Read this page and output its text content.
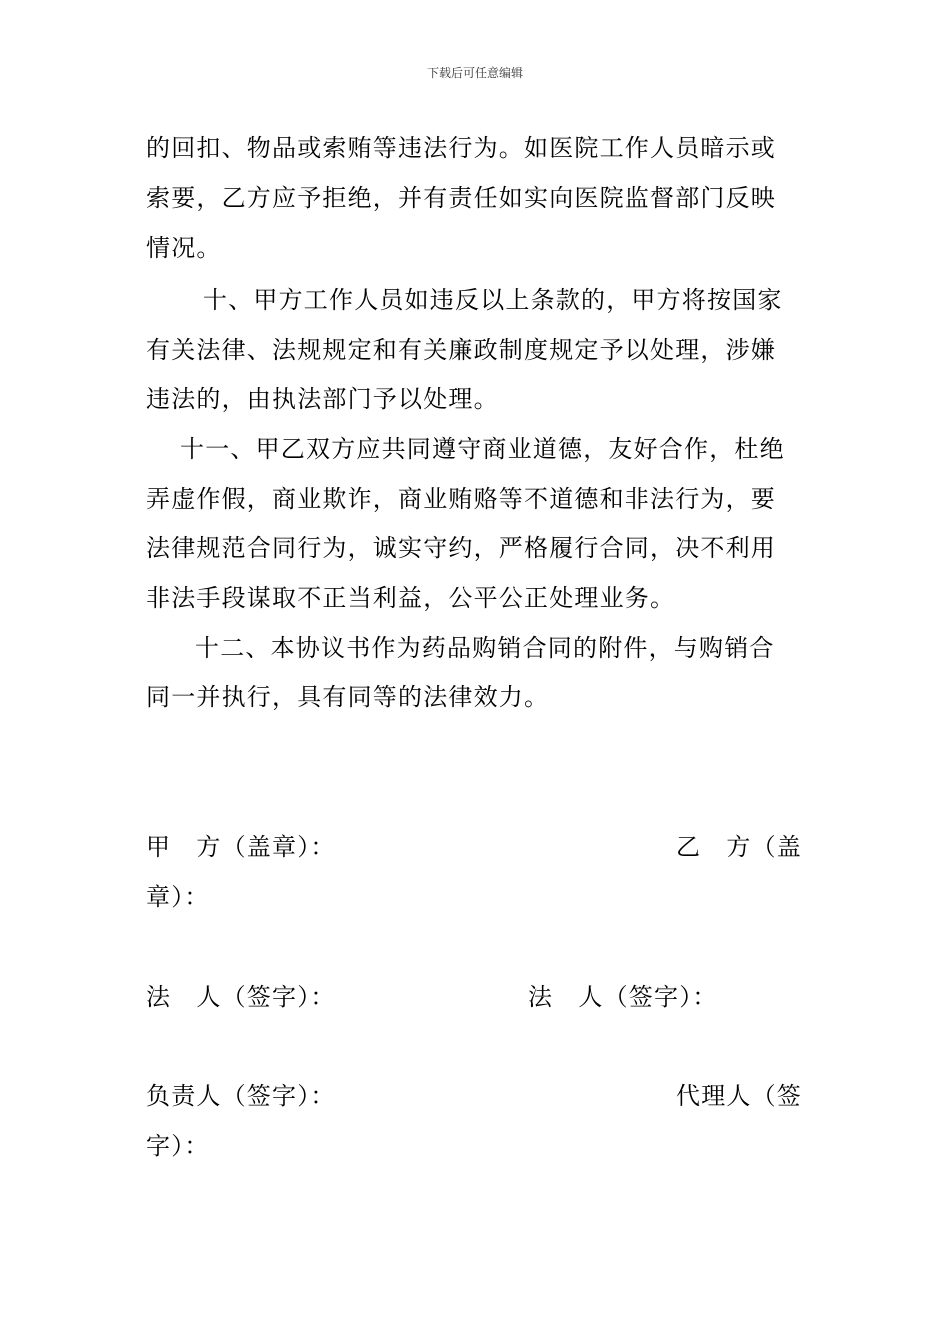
下载后可任意编辑
的回扣、物品或索贿等违法行为。如医院工作人员暗示或
索要，乙方应予拒绝，并有责任如实向医院监督部门反映
情况。
十、甲方工作人员如违反以上条款的，甲方将按国家
有关法律、法规规定和有关廉政制度规定予以处理，涉嫌
违法的，由执法部门予以处理。
十一、甲乙双方应共同遵守商业道德，友好合作，杜绝
弄虚作假，商业欺诈，商业贿赂等不道德和非法行为，要
法律规范合同行为，诚实守约，严格履行合同，决不利用
非法手段谋取不正当利益，公平公正处理业务。
十二、本协议书作为药品购销合同的附件，与购销合
同一并执行，具有同等的法律效力。
甲　方（盖章）：	乙　方（盖
章）：
法　人（签字）：	法　人（签字）：
负责人（签字）：	代理人（签
字）：
